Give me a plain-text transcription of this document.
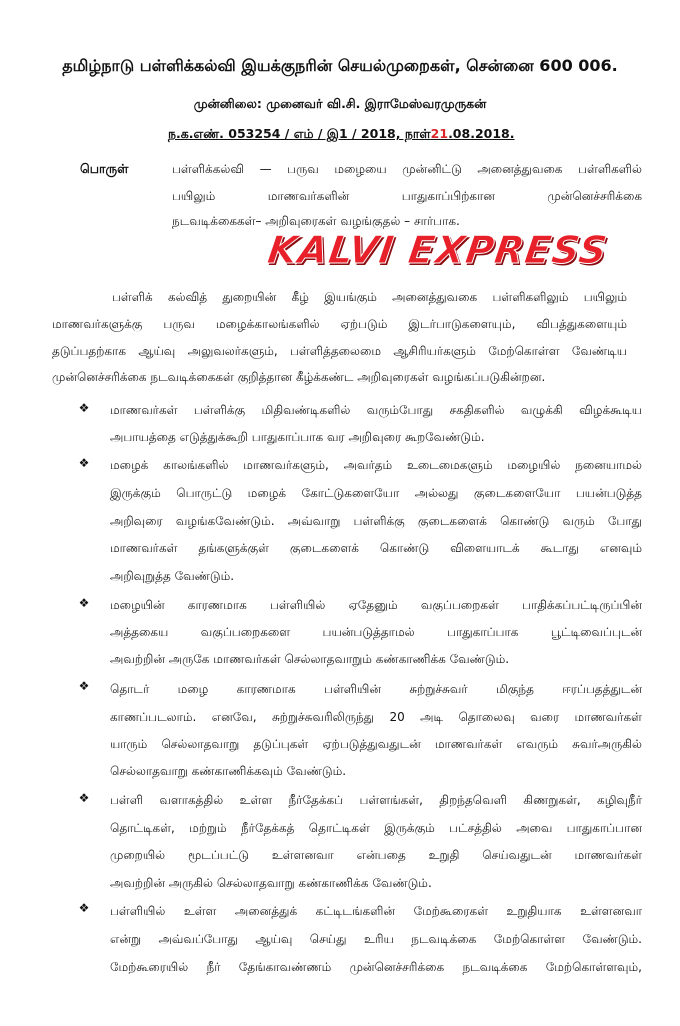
தமிழ்நாடு பள்ளிக்கல்வி இயக்குநரின் செயல்முறைகள், சென்னை 600 006.
முன்னிலை: முனைவர் வி.சி. இராமேஸ்வரமுருகன்
ந.க.எண். 053254 / எம் / இ1 / 2018, நாள்21.08.2018.
பொருள்	பள்ளிக்கல்வி — பருவ மழையை முன்னிட்டு அனைத்துவகை பள்ளிகளில்
பயிலும் மாணவர்களின் பாதுகாப்பிற்கான முன்னெச்சரிக்கை
நடவடிக்கைகள்– அறிவுரைகள் வழங்குதல் – சார்பாக.
KALVI EXPRESS
பள்ளிக் கல்வித் துறையின் கீழ் இயங்கும் அனைத்துவகை பள்ளிகளிலும் பயிலும்
மாணவர்களுக்கு பருவ மழைக்காலங்களில் ஏற்படும் இடர்பாடுகளையும், விபத்துகளையும்
தடுப்பதற்காக ஆய்வு அலுவலர்களும், பள்ளித்தலைமை ஆசிரியர்களும் மேற்கொள்ள வேண்டிய
முன்னெச்சரிக்கை நடவடிக்கைகள் குறித்தான கீழ்க்கண்ட அறிவுரைகள் வழங்கப்படுகின்றன.
❖ மாணவர்கள் பள்ளிக்கு மிதிவண்டிகளில் வரும்போது சகதிகளில் வழுக்கி விழக்கூடிய
அபாயத்தை எடுத்துக்கூறி பாதுகாப்பாக வர அறிவுரை கூறவேண்டும்.
❖ மழைக் காலங்களில் மாணவர்களும், அவர்தம் உடைமைகளும் மழையில் நனையாமல்
இருக்கும் பொருட்டு மழைக் கோட்டுகளையோ அல்லது குடைகளையோ பயன்படுத்த
அறிவுரை வழங்கவேண்டும். அவ்வாறு பள்ளிக்கு குடைகளைக் கொண்டு வரும் போது
மாணவர்கள் தங்களுக்குள் குடைகளைக் கொண்டு விளையாடக் கூடாது எனவும்
அறிவுறுத்த வேண்டும்.
❖ மழையின் காரணமாக பள்ளியில் ஏதேனும் வகுப்பறைகள் பாதிக்கப்பட்டிருப்பின்
அத்தகைய வகுப்பறைகளை பயன்படுத்தாமல் பாதுகாப்பாக பூட்டிவைப்புடன்
அவற்றின் அருகே மாணவர்கள் செல்லாதவாறும் கண்காணிக்க வேண்டும்.
❖ தொடர் மழை காரணமாக பள்ளியின் சுற்றுச்சுவர் மிகுந்த ஈரப்பதத்துடன்
காணப்படலாம். எனவே, சுற்றுச்சுவரிலிருந்து 20 அடி தொலைவு வரை மாணவர்கள்
யாரும் செல்லாதவாறு தடுப்புகள் ஏற்படுத்துவதுடன் மாணவர்கள் எவரும் சுவர்அருகில்
செல்லாதவாறு கண்காணிக்கவும் வேண்டும்.
❖ பள்ளி வளாகத்தில் உள்ள நீர்தேக்கப் பள்ளங்கள், திறந்தவெளி கிணறுகள், கழிவுநீர்
தொட்டிகள், மற்றும் நீர்தேக்கத் தொட்டிகள் இருக்கும் பட்சத்தில் அவை பாதுகாப்பான
முறையில் மூடப்பட்டு உள்ளனவா என்பதை உறுதி செய்வதுடன் மாணவர்கள்
அவற்றின் அருகில் செல்லாதவாறு கண்காணிக்க வேண்டும்.
❖ பள்ளியில் உள்ள அனைத்துக் கட்டிடங்களின் மேற்கூரைகள் உறுதியாக உள்ளனவா
என்று அவ்வப்போது ஆய்வு செய்து உரிய நடவடிக்கை மேற்கொள்ள வேண்டும்.
மேற்கூரையில் நீர் தேங்காவண்ணம் முன்னெச்சரிக்கை நடவடிக்கை மேற்கொள்ளவும்,
